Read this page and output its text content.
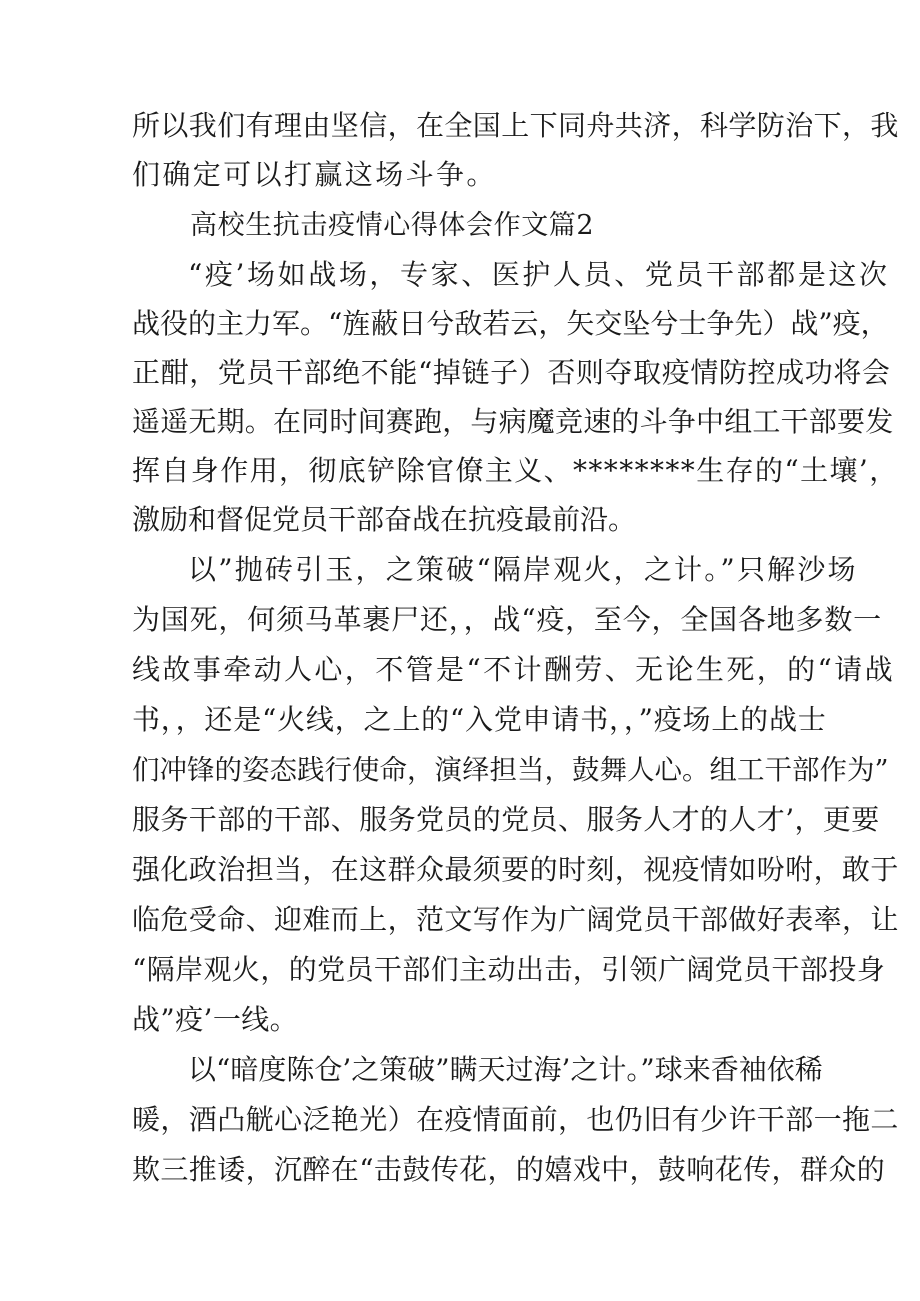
所以我们有理由坚信，在全国上下同舟共济，科学防治下，我
们确定可以打赢这场斗争。
高校生抗击疫情心得体会作文篇2
“疫’场如战场，专家、医护人员、党员干部都是这次
战役的主力军。“旌蔽日兮敌若云，矢交坠兮士争先）战”疫，
正酣，党员干部绝不能“掉链子）否则夺取疫情防控成功将会
遥遥无期。在同时间赛跑，与病魔竞速的斗争中组工干部要发
挥自身作用，彻底铲除官僚主义、********生存的“土壤’，
激励和督促党员干部奋战在抗疫最前沿。
以”抛砖引玉，之策破“隔岸观火，之计。”只解沙场
为国死，何须马革裹尸还，，战“疫，至今，全国各地多数一
线故事牵动人心，不管是“不计酬劳、无论生死，的“请战
书，，还是“火线，之上的“入党申请书，，”疫场上的战士
们冲锋的姿态践行使命，演绎担当，鼓舞人心。组工干部作为”
服务干部的干部、服务党员的党员、服务人才的人才’，更要
强化政治担当，在这群众最须要的时刻，视疫情如吩咐，敢于
临危受命、迎难而上，范文写作为广阔党员干部做好表率，让
“隔岸观火，的党员干部们主动出击，引领广阔党员干部投身
战”疫’一线。
以“暗度陈仓’之策破”瞒天过海’之计。”球来香袖依稀
暖，酒凸觥心泛艳光）在疫情面前，也仍旧有少许干部一拖二
欺三推诿，沉醉在“击鼓传花，的嬉戏中，鼓响花传，群众的
